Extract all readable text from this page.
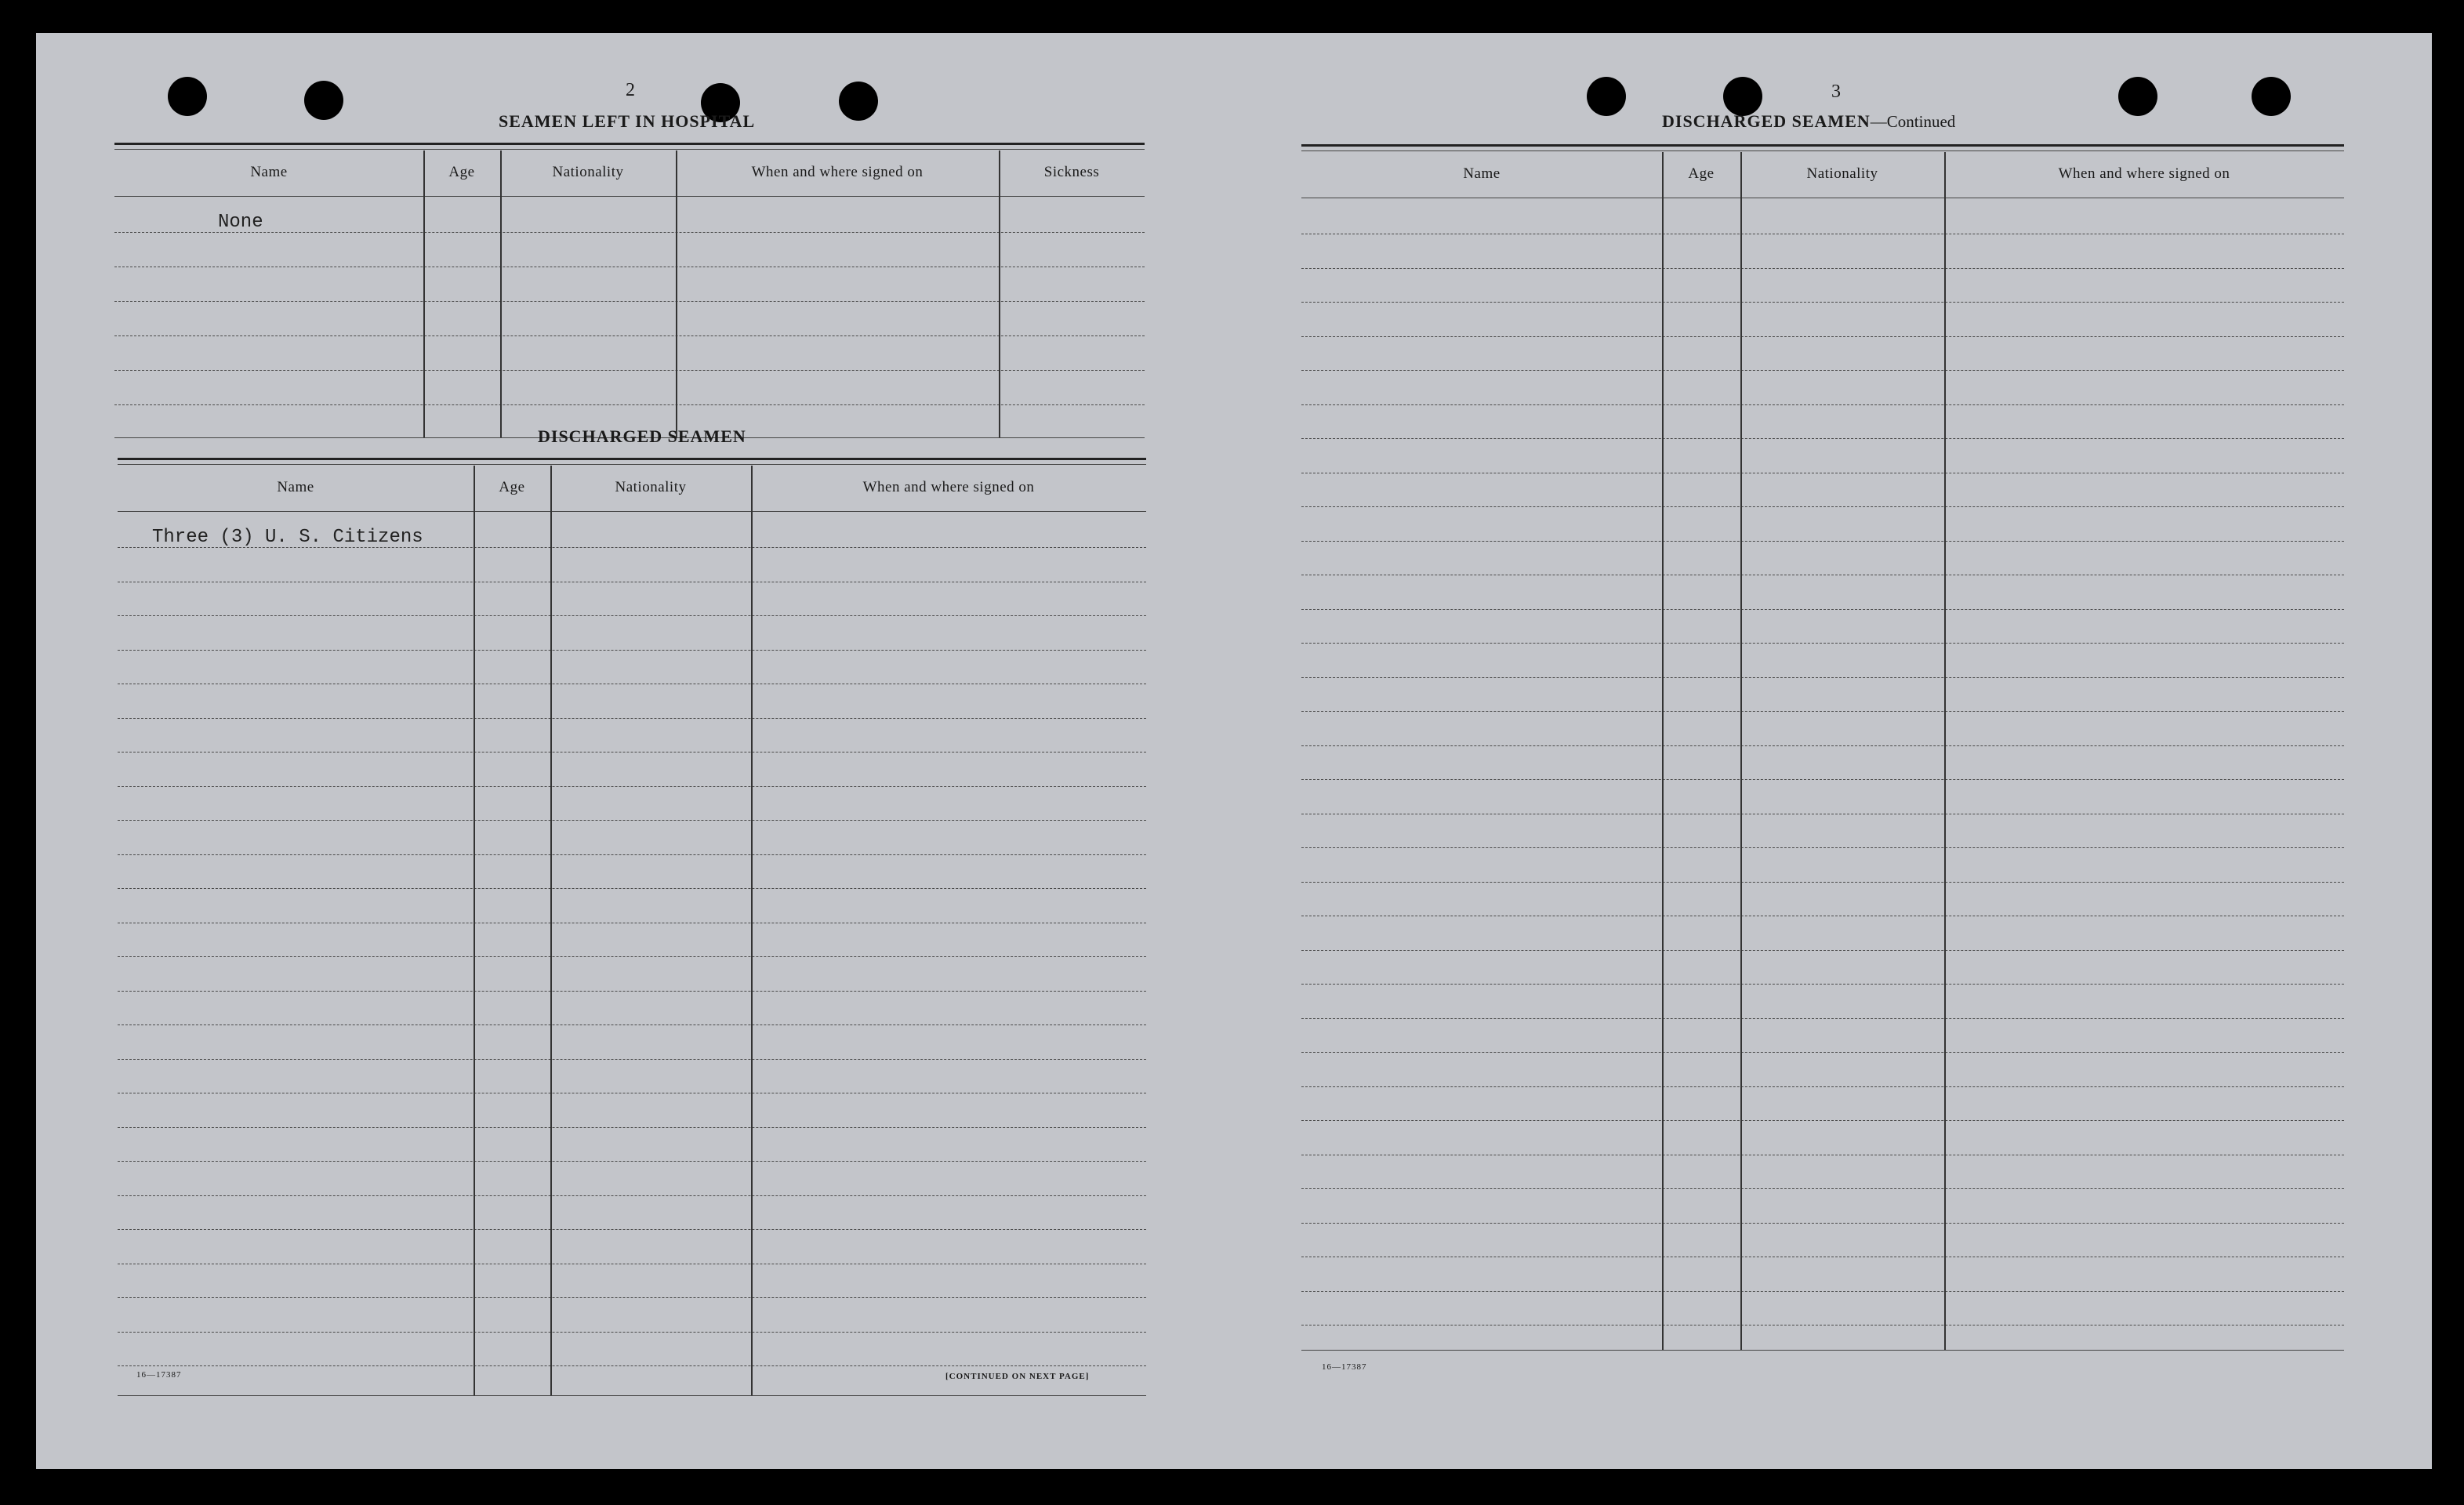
2
SEAMEN LEFT IN HOSPITAL
Name	Age	Nationality	When and where signed on	Sickness
None
DISCHARGED SEAMEN
Name	Age	Nationality	When and where signed on
Three (3) U. S. Citizens
16—17387	[CONTINUED ON NEXT PAGE]
3
DISCHARGED SEAMEN—Continued
Name	Age	Nationality	When and where signed on
16—17387
